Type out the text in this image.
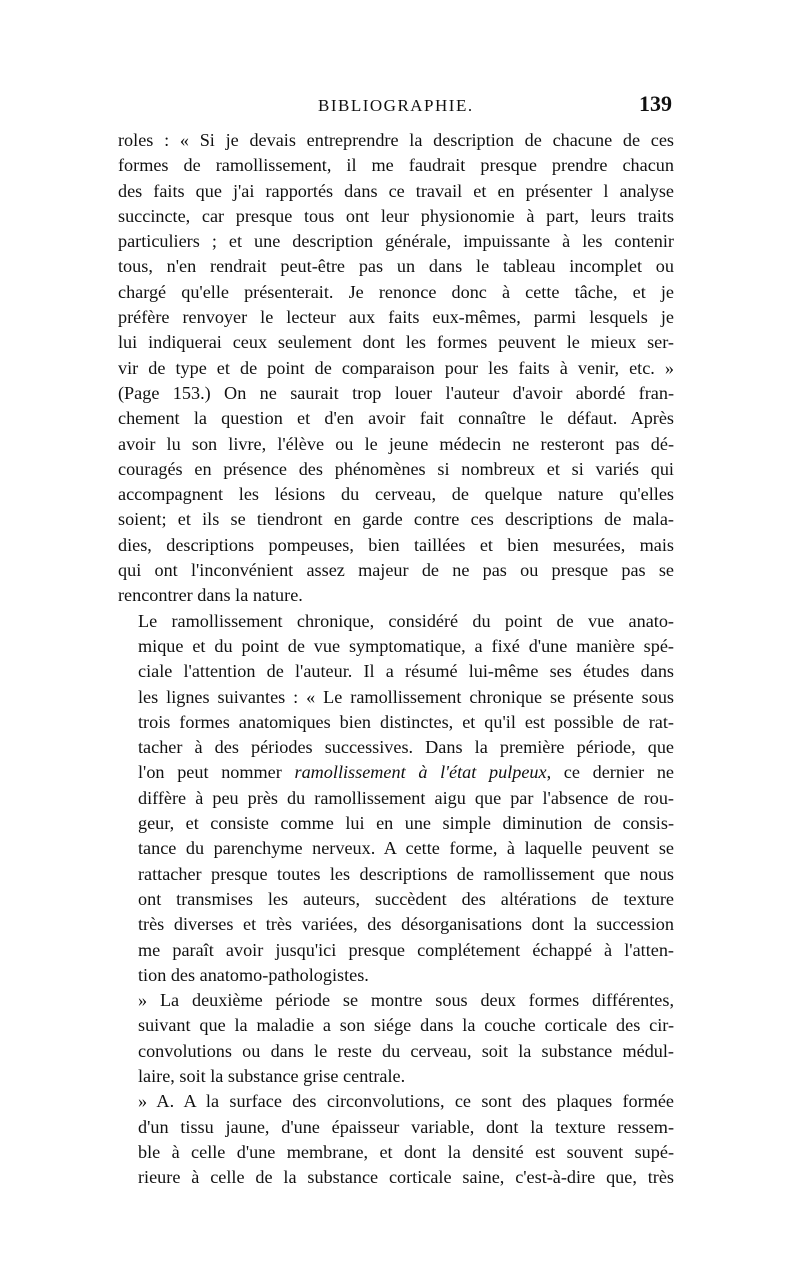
BIBLIOGRAPHIE.	139

roles : « Si je devais entreprendre la description de chacune de ces
formes de ramollissement, il me faudrait presque prendre chacun
des faits que j'ai rapportés dans ce travail et en présenter l analyse
succincte, car presque tous ont leur physionomie à part, leurs traits
particuliers ; et une description générale, impuissante à les contenir
tous, n'en rendrait peut-être pas un dans le tableau incomplet ou
chargé qu'elle présenterait. Je renonce donc à cette tâche, et je
préfère renvoyer le lecteur aux faits eux-mêmes, parmi lesquels je
lui indiquerai ceux seulement dont les formes peuvent le mieux ser-
vir de type et de point de comparaison pour les faits à venir, etc. »
(Page 153.) On ne saurait trop louer l'auteur d'avoir abordé fran-
chement la question et d'en avoir fait connaître le défaut. Après
avoir lu son livre, l'élève ou le jeune médecin ne resteront pas dé-
couragés en présence des phénomènes si nombreux et si variés qui
accompagnent les lésions du cerveau, de quelque nature qu'elles
soient; et ils se tiendront en garde contre ces descriptions de mala-
dies, descriptions pompeuses, bien taillées et bien mesurées, mais
qui ont l'inconvénient assez majeur de ne pas ou presque pas se
rencontrer dans la nature.

Le ramollissement chronique, considéré du point de vue anato-
mique et du point de vue symptomatique, a fixé d'une manière spé-
ciale l'attention de l'auteur. Il a résumé lui-même ses études dans
les lignes suivantes : « Le ramollissement chronique se présente sous
trois formes anatomiques bien distinctes, et qu'il est possible de rat-
tacher à des périodes successives. Dans la première période, que
l'on peut nommer ramollissement à l'état pulpeux, ce dernier ne
diffère à peu près du ramollissement aigu que par l'absence de rou-
geur, et consiste comme lui en une simple diminution de consis-
tance du parenchyme nerveux. A cette forme, à laquelle peuvent se
rattacher presque toutes les descriptions de ramollissement que nous
ont transmises les auteurs, succèdent des altérations de texture
très diverses et très variées, des désorganisations dont la succession
me paraît avoir jusqu'ici presque complétement échappé à l'atten-
tion des anatomo-pathologistes.

» La deuxième période se montre sous deux formes différentes,
suivant que la maladie a son siége dans la couche corticale des cir-
convolutions ou dans le reste du cerveau, soit la substance médul-
laire, soit la substance grise centrale.

» A. A la surface des circonvolutions, ce sont des plaques formée
d'un tissu jaune, d'une épaisseur variable, dont la texture ressem-
ble à celle d'une membrane, et dont la densité est souvent supé-
rieure à celle de la substance corticale saine, c'est-à-dire que, très
